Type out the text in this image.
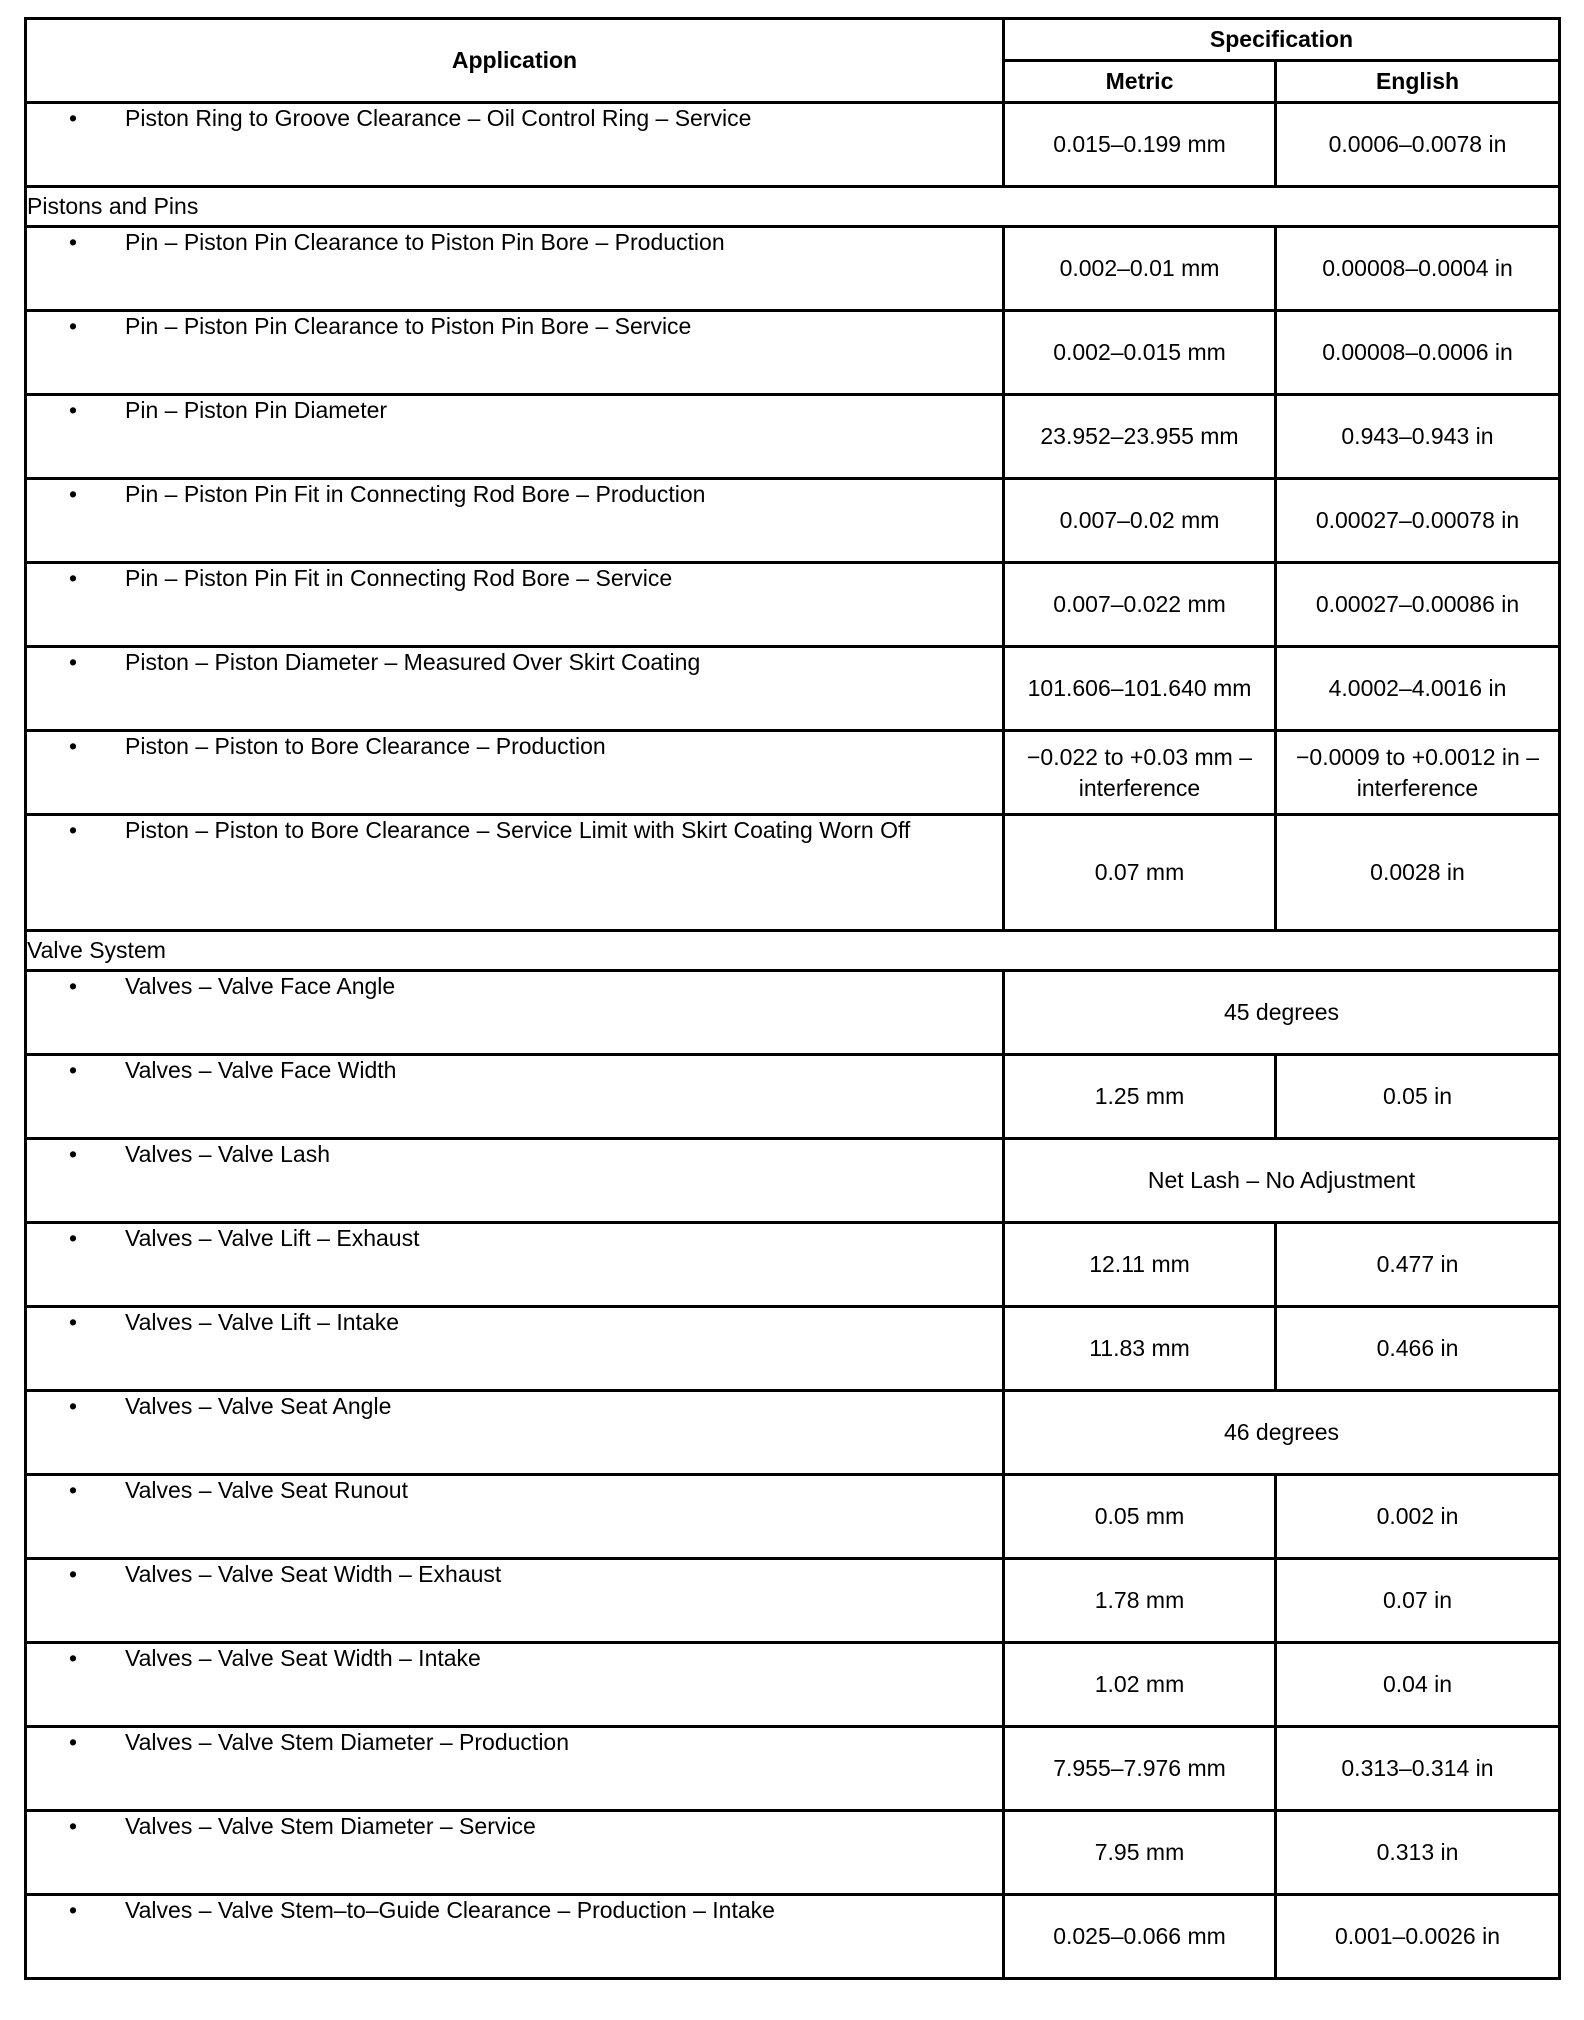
Application	Specification	
	Metric	English

• Piston Ring to Groove Clearance – Oil Control Ring – Service	0.015–0.199 mm	0.0006–0.0078 in
Pistons and Pins		

• Pin – Piston Pin Clearance to Piston Pin Bore – Production	0.002–0.01 mm	0.00008–0.0004 in

• Pin – Piston Pin Clearance to Piston Pin Bore – Service	0.002–0.015 mm	0.00008–0.0006 in

• Pin – Piston Pin Diameter	23.952–23.955 mm	0.943–0.943 in

• Pin – Piston Pin Fit in Connecting Rod Bore – Production	0.007–0.02 mm	0.00027–0.00078 in

• Pin – Piston Pin Fit in Connecting Rod Bore – Service	0.007–0.022 mm	0.00027–0.00086 in

• Piston – Piston Diameter – Measured Over Skirt Coating	101.606–101.640 mm	4.0002–4.0016 in

• Piston – Piston to Bore Clearance – Production	−0.022 to +0.03 mm – interference	−0.0009 to +0.0012 in – interference

• Piston – Piston to Bore Clearance – Service Limit with Skirt Coating Worn Off	0.07 mm	0.0028 in
Valve System		

• Valves – Valve Face Angle	45 degrees	

• Valves – Valve Face Width	1.25 mm	0.05 in

• Valves – Valve Lash	Net Lash – No Adjustment	

• Valves – Valve Lift – Exhaust	12.11 mm	0.477 in

• Valves – Valve Lift – Intake	11.83 mm	0.466 in

• Valves – Valve Seat Angle	46 degrees	

• Valves – Valve Seat Runout	0.05 mm	0.002 in

• Valves – Valve Seat Width – Exhaust	1.78 mm	0.07 in

• Valves – Valve Seat Width – Intake	1.02 mm	0.04 in

• Valves – Valve Stem Diameter – Production	7.955–7.976 mm	0.313–0.314 in

• Valves – Valve Stem Diameter – Service	7.95 mm	0.313 in

• Valves – Valve Stem–to–Guide Clearance – Production – Intake	0.025–0.066 mm	0.001–0.0026 in
